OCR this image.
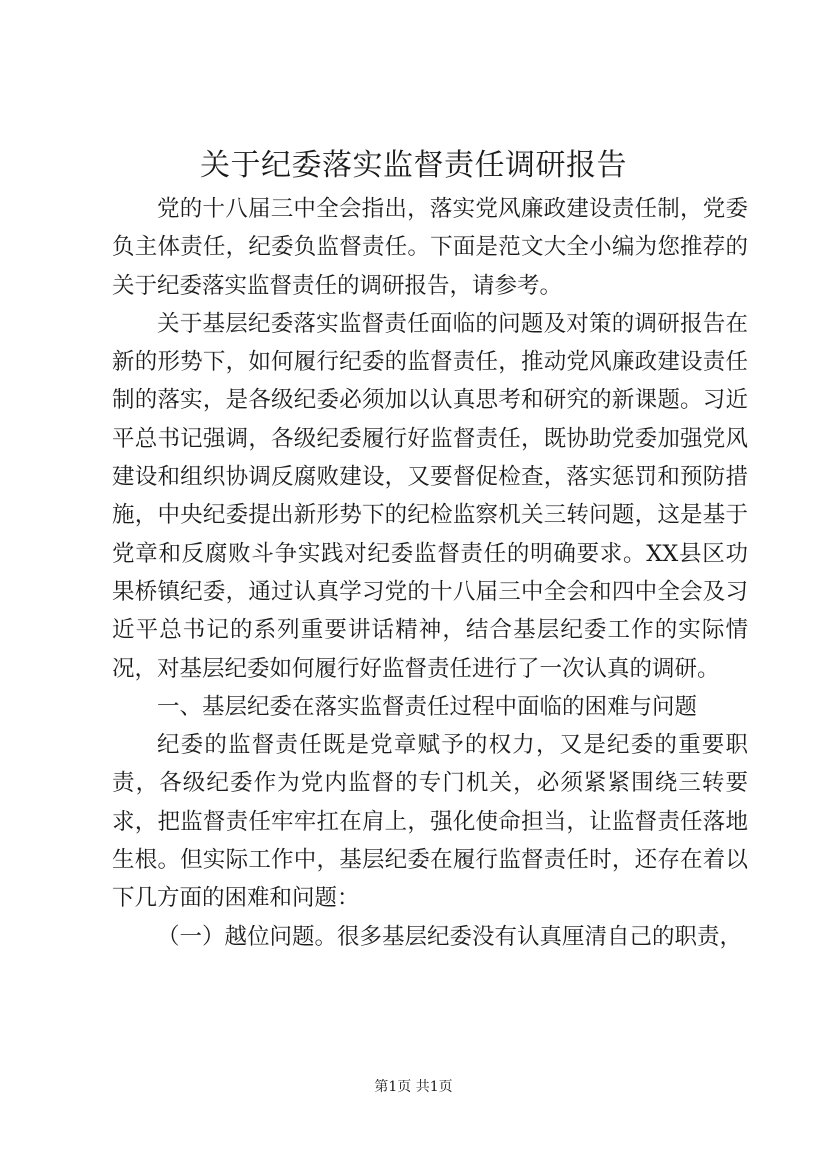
关于纪委落实监督责任调研报告

党的十八届三中全会指出，落实党风廉政建设责任制，党委负主体责任，纪委负监督责任。下面是范文大全小编为您推荐的关于纪委落实监督责任的调研报告，请参考。

关于基层纪委落实监督责任面临的问题及对策的调研报告在新的形势下，如何履行纪委的监督责任，推动党风廉政建设责任制的落实，是各级纪委必须加以认真思考和研究的新课题。习近平总书记强调，各级纪委履行好监督责任，既协助党委加强党风建设和组织协调反腐败建设，又要督促检查，落实惩罚和预防措施，中央纪委提出新形势下的纪检监察机关三转问题，这是基于党章和反腐败斗争实践对纪委监督责任的明确要求。XX县区功果桥镇纪委，通过认真学习党的十八届三中全会和四中全会及习近平总书记的系列重要讲话精神，结合基层纪委工作的实际情况，对基层纪委如何履行好监督责任进行了一次认真的调研。

一、基层纪委在落实监督责任过程中面临的困难与问题

纪委的监督责任既是党章赋予的权力，又是纪委的重要职责，各级纪委作为党内监督的专门机关，必须紧紧围绕三转要求，把监督责任牢牢扛在肩上，强化使命担当，让监督责任落地生根。但实际工作中，基层纪委在履行监督责任时，还存在着以下几方面的困难和问题：

（一）越位问题。很多基层纪委没有认真厘清自己的职责，

第1页 共1页
